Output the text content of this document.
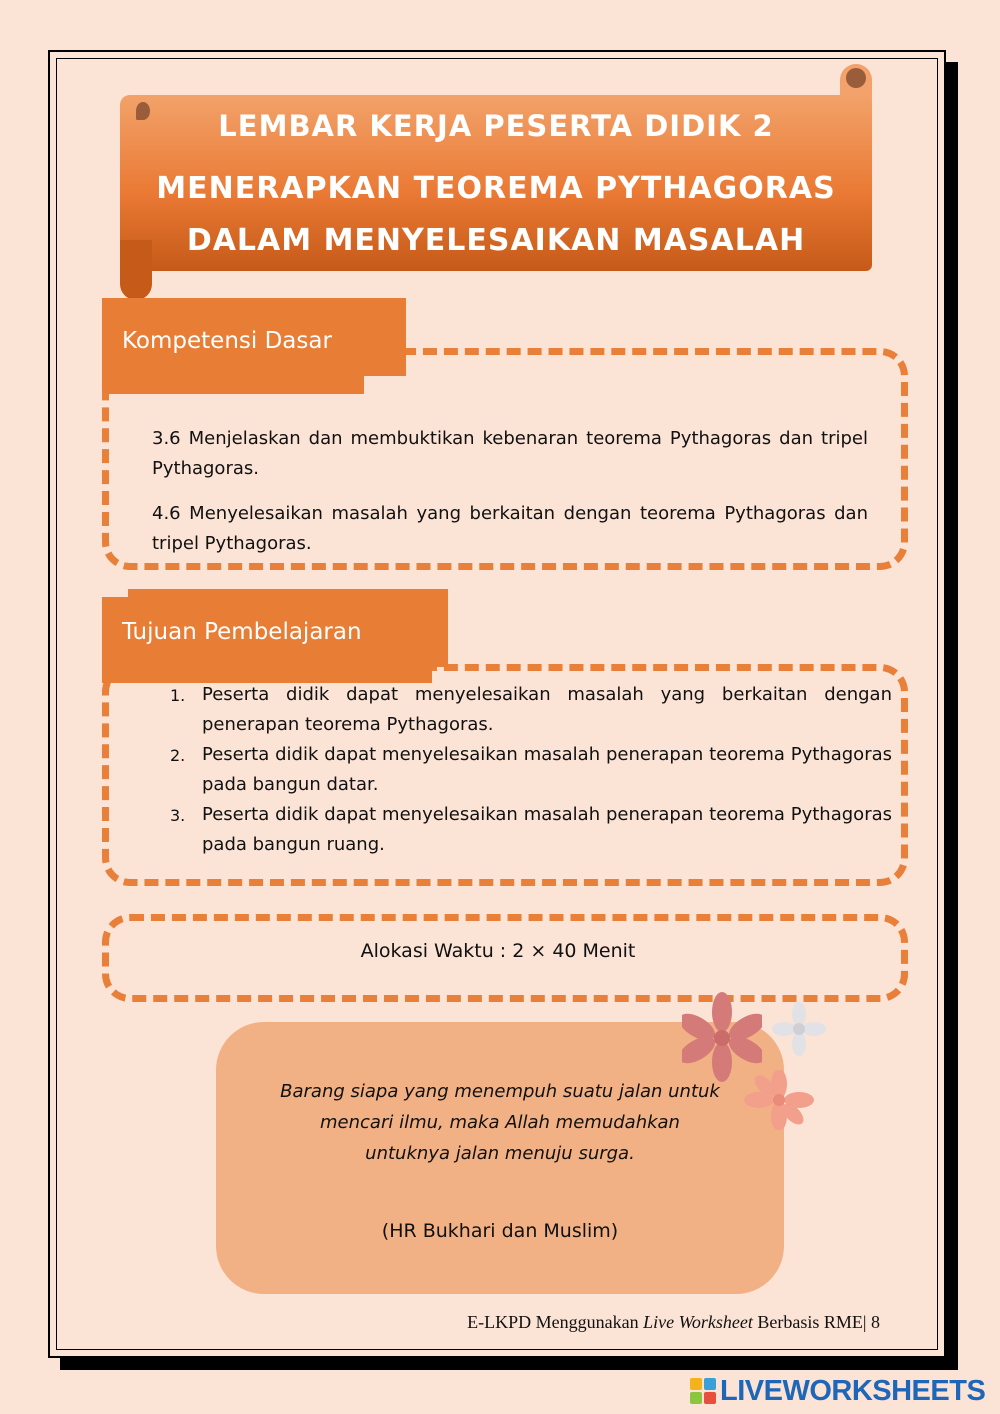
LEMBAR KERJA PESERTA DIDIK 2
MENERAPKAN TEOREMA PYTHAGORAS
DALAM MENYELESAIKAN MASALAH
Kompetensi Dasar
3.6 Menjelaskan dan membuktikan kebenaran teorema Pythagoras dan tripel Pythagoras.
4.6 Menyelesaikan masalah yang berkaitan dengan teorema Pythagoras dan tripel Pythagoras.
Tujuan Pembelajaran
1. Peserta didik dapat menyelesaikan masalah yang berkaitan dengan penerapan teorema Pythagoras.
2. Peserta didik dapat menyelesaikan masalah penerapan teorema Pythagoras pada bangun datar.
3. Peserta didik dapat menyelesaikan masalah penerapan teorema Pythagoras pada bangun ruang.
Alokasi Waktu : 2 × 40 Menit
Barang siapa yang menempuh suatu jalan untuk
mencari ilmu, maka Allah memudahkan
untuknya jalan menuju surga.
(HR Bukhari dan Muslim)
E-LKPD Menggunakan Live Worksheet Berbasis RME| 8
LIVEWORKSHEETS
